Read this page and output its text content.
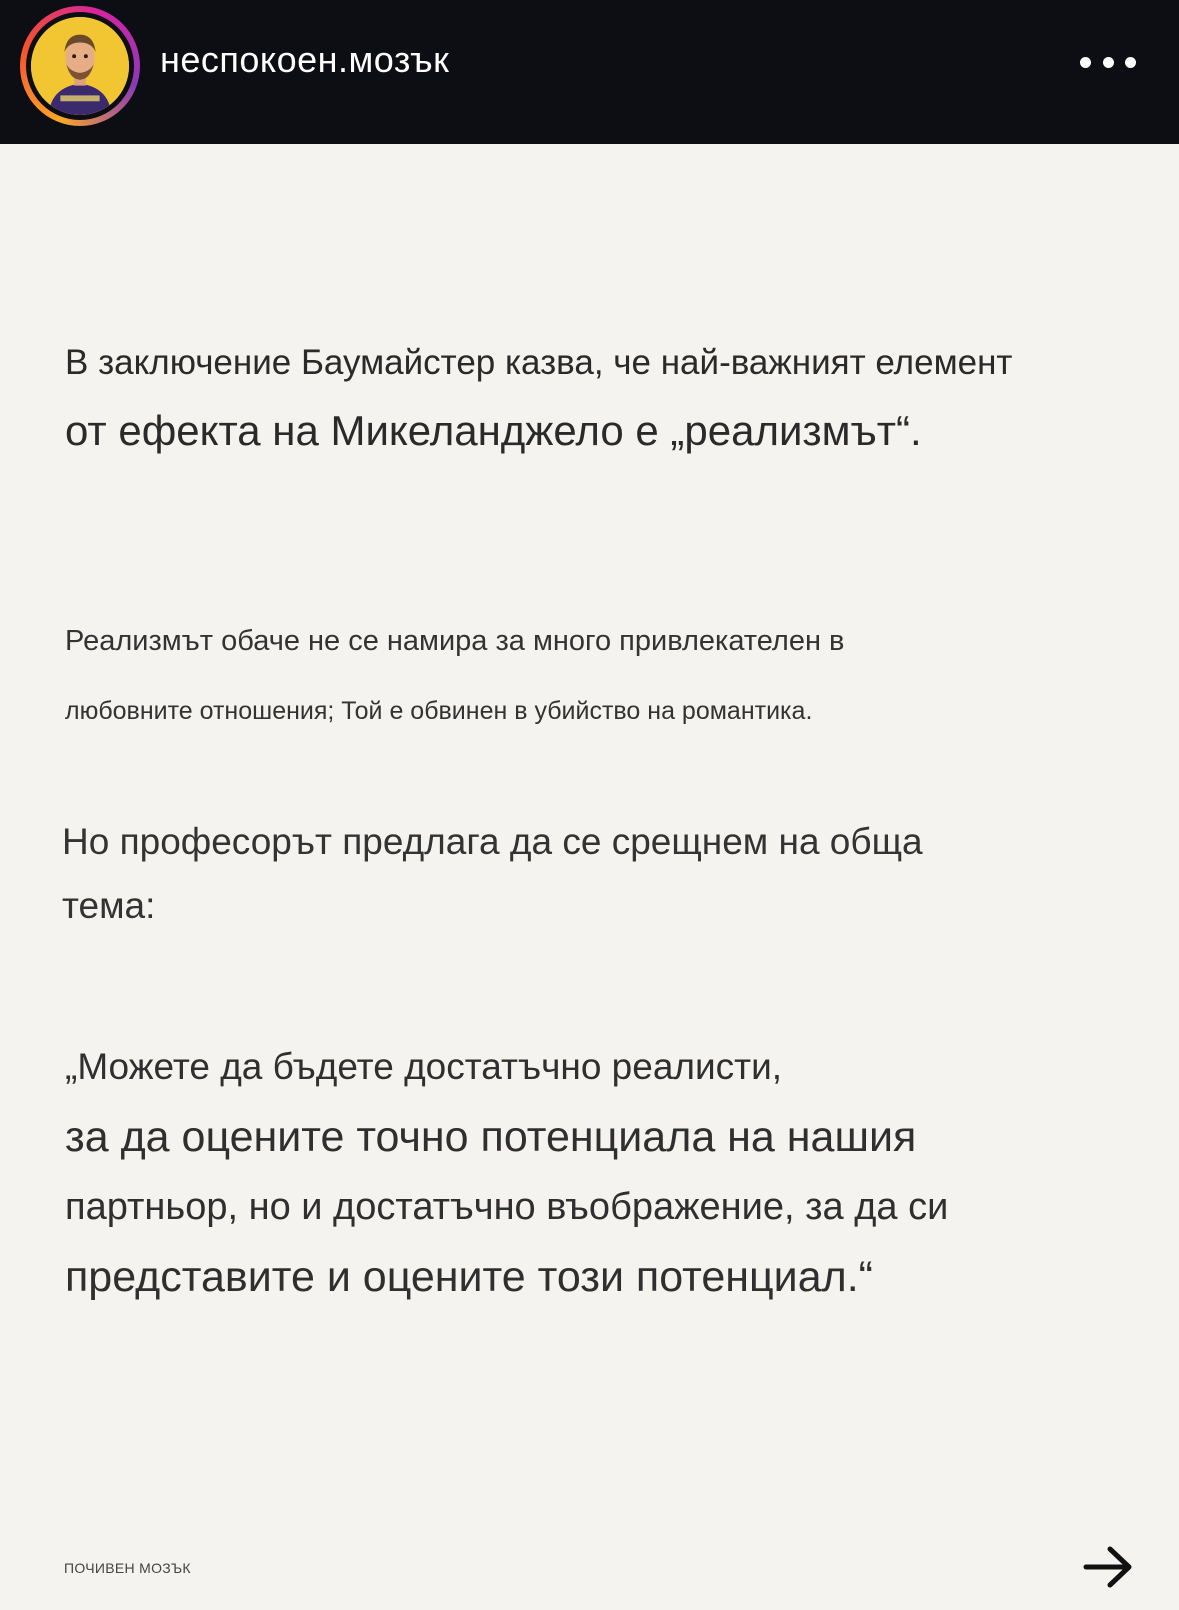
неспокоен.мозък
В заключение Баумайстер казва, че най-важният елемент
от ефекта на Микеланджело е „реализмът“.
Реализмът обаче не се намира за много привлекателен в
любовните отношения; Той е обвинен в убийство на романтика.
Но професорът предлага да се срещнем на обща
тема:
„Можете да бъдете достатъчно реалисти,
за да оцените точно потенциала на нашия
партньор, но и достатъчно въображение, за да си
представите и оцените този потенциал.“
ПОЧИВЕН МОЗЪК
